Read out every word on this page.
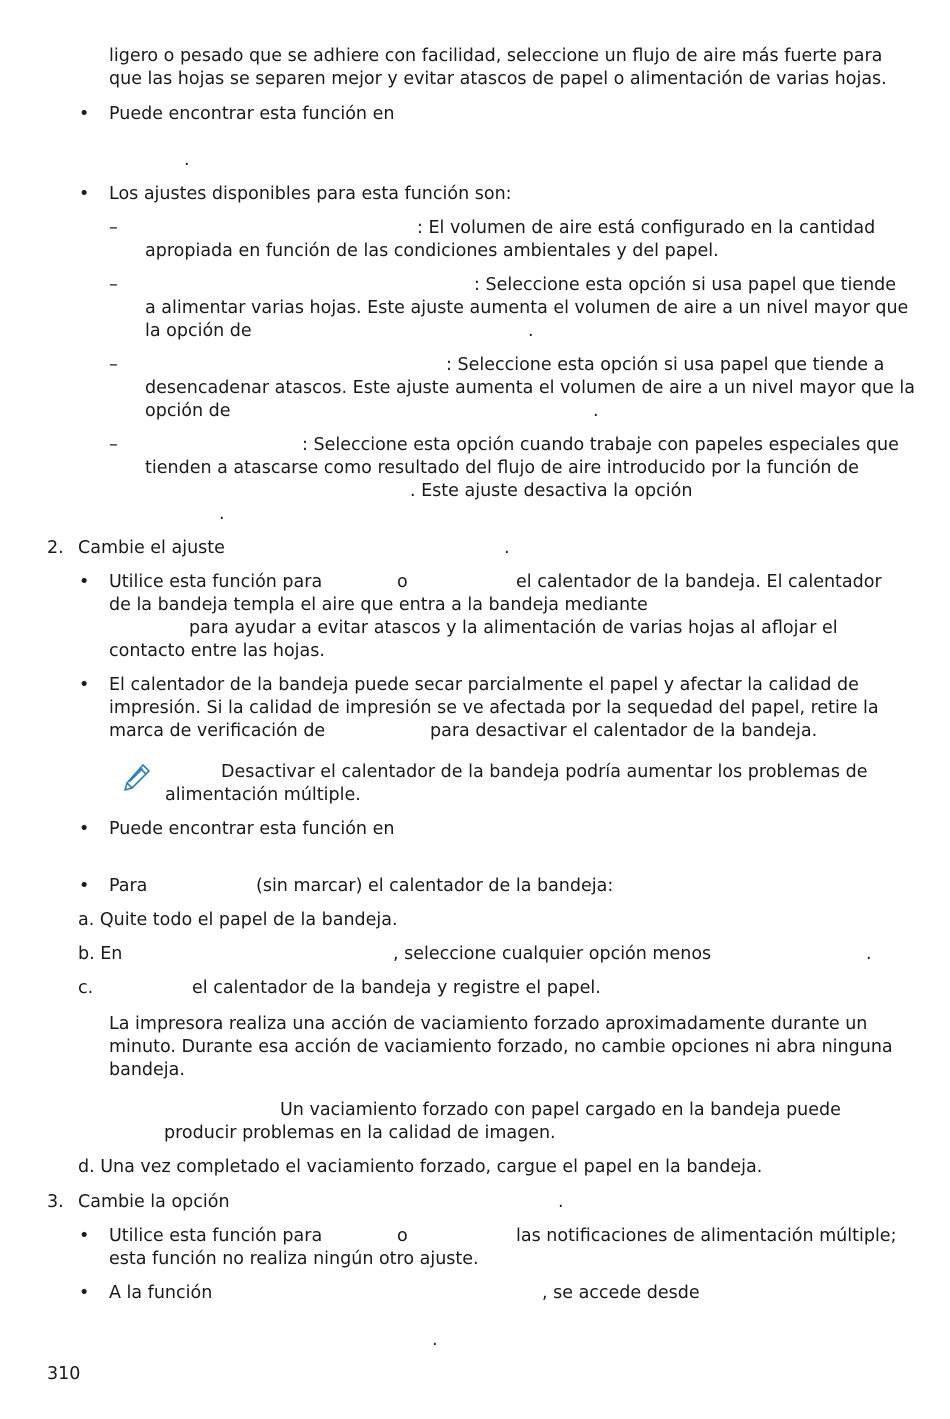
ligero o pesado que se adhiere con facilidad, seleccione un flujo de aire más fuerte para
que las hojas se separen mejor y evitar atascos de papel o alimentación de varias hojas.
• Puede encontrar esta función en
.
• Los ajustes disponibles para esta función son:
–	: El volumen de aire está configurado en la cantidad
apropiada en función de las condiciones ambientales y del papel.
–	: Seleccione esta opción si usa papel que tiende
a alimentar varias hojas. Este ajuste aumenta el volumen de aire a un nivel mayor que
la opción de	.
–	: Seleccione esta opción si usa papel que tiende a
desencadenar atascos. Este ajuste aumenta el volumen de aire a un nivel mayor que la
opción de	.
–	: Seleccione esta opción cuando trabaje con papeles especiales que
tienden a atascarse como resultado del flujo de aire introducido por la función de
. Este ajuste desactiva la opción
.
2. Cambie el ajuste	.
• Utilice esta función para	o	el calentador de la bandeja. El calentador
de la bandeja templa el aire que entra a la bandeja mediante
para ayudar a evitar atascos y la alimentación de varias hojas al aflojar el
contacto entre las hojas.
• El calentador de la bandeja puede secar parcialmente el papel y afectar la calidad de
impresión. Si la calidad de impresión se ve afectada por la sequedad del papel, retire la
marca de verificación de	para desactivar el calentador de la bandeja.
Desactivar el calentador de la bandeja podría aumentar los problemas de
alimentación múltiple.
• Puede encontrar esta función en
• Para	(sin marcar) el calentador de la bandeja:
a. Quite todo el papel de la bandeja.
b. En	, seleccione cualquier opción menos	.
c.	el calentador de la bandeja y registre el papel.
La impresora realiza una acción de vaciamiento forzado aproximadamente durante un
minuto. Durante esa acción de vaciamiento forzado, no cambie opciones ni abra ninguna
bandeja.
Un vaciamiento forzado con papel cargado en la bandeja puede
producir problemas en la calidad de imagen.
d. Una vez completado el vaciamiento forzado, cargue el papel en la bandeja.
3. Cambie la opción	.
• Utilice esta función para	o	las notificaciones de alimentación múltiple;
esta función no realiza ningún otro ajuste.
• A la función	, se accede desde
.
310
